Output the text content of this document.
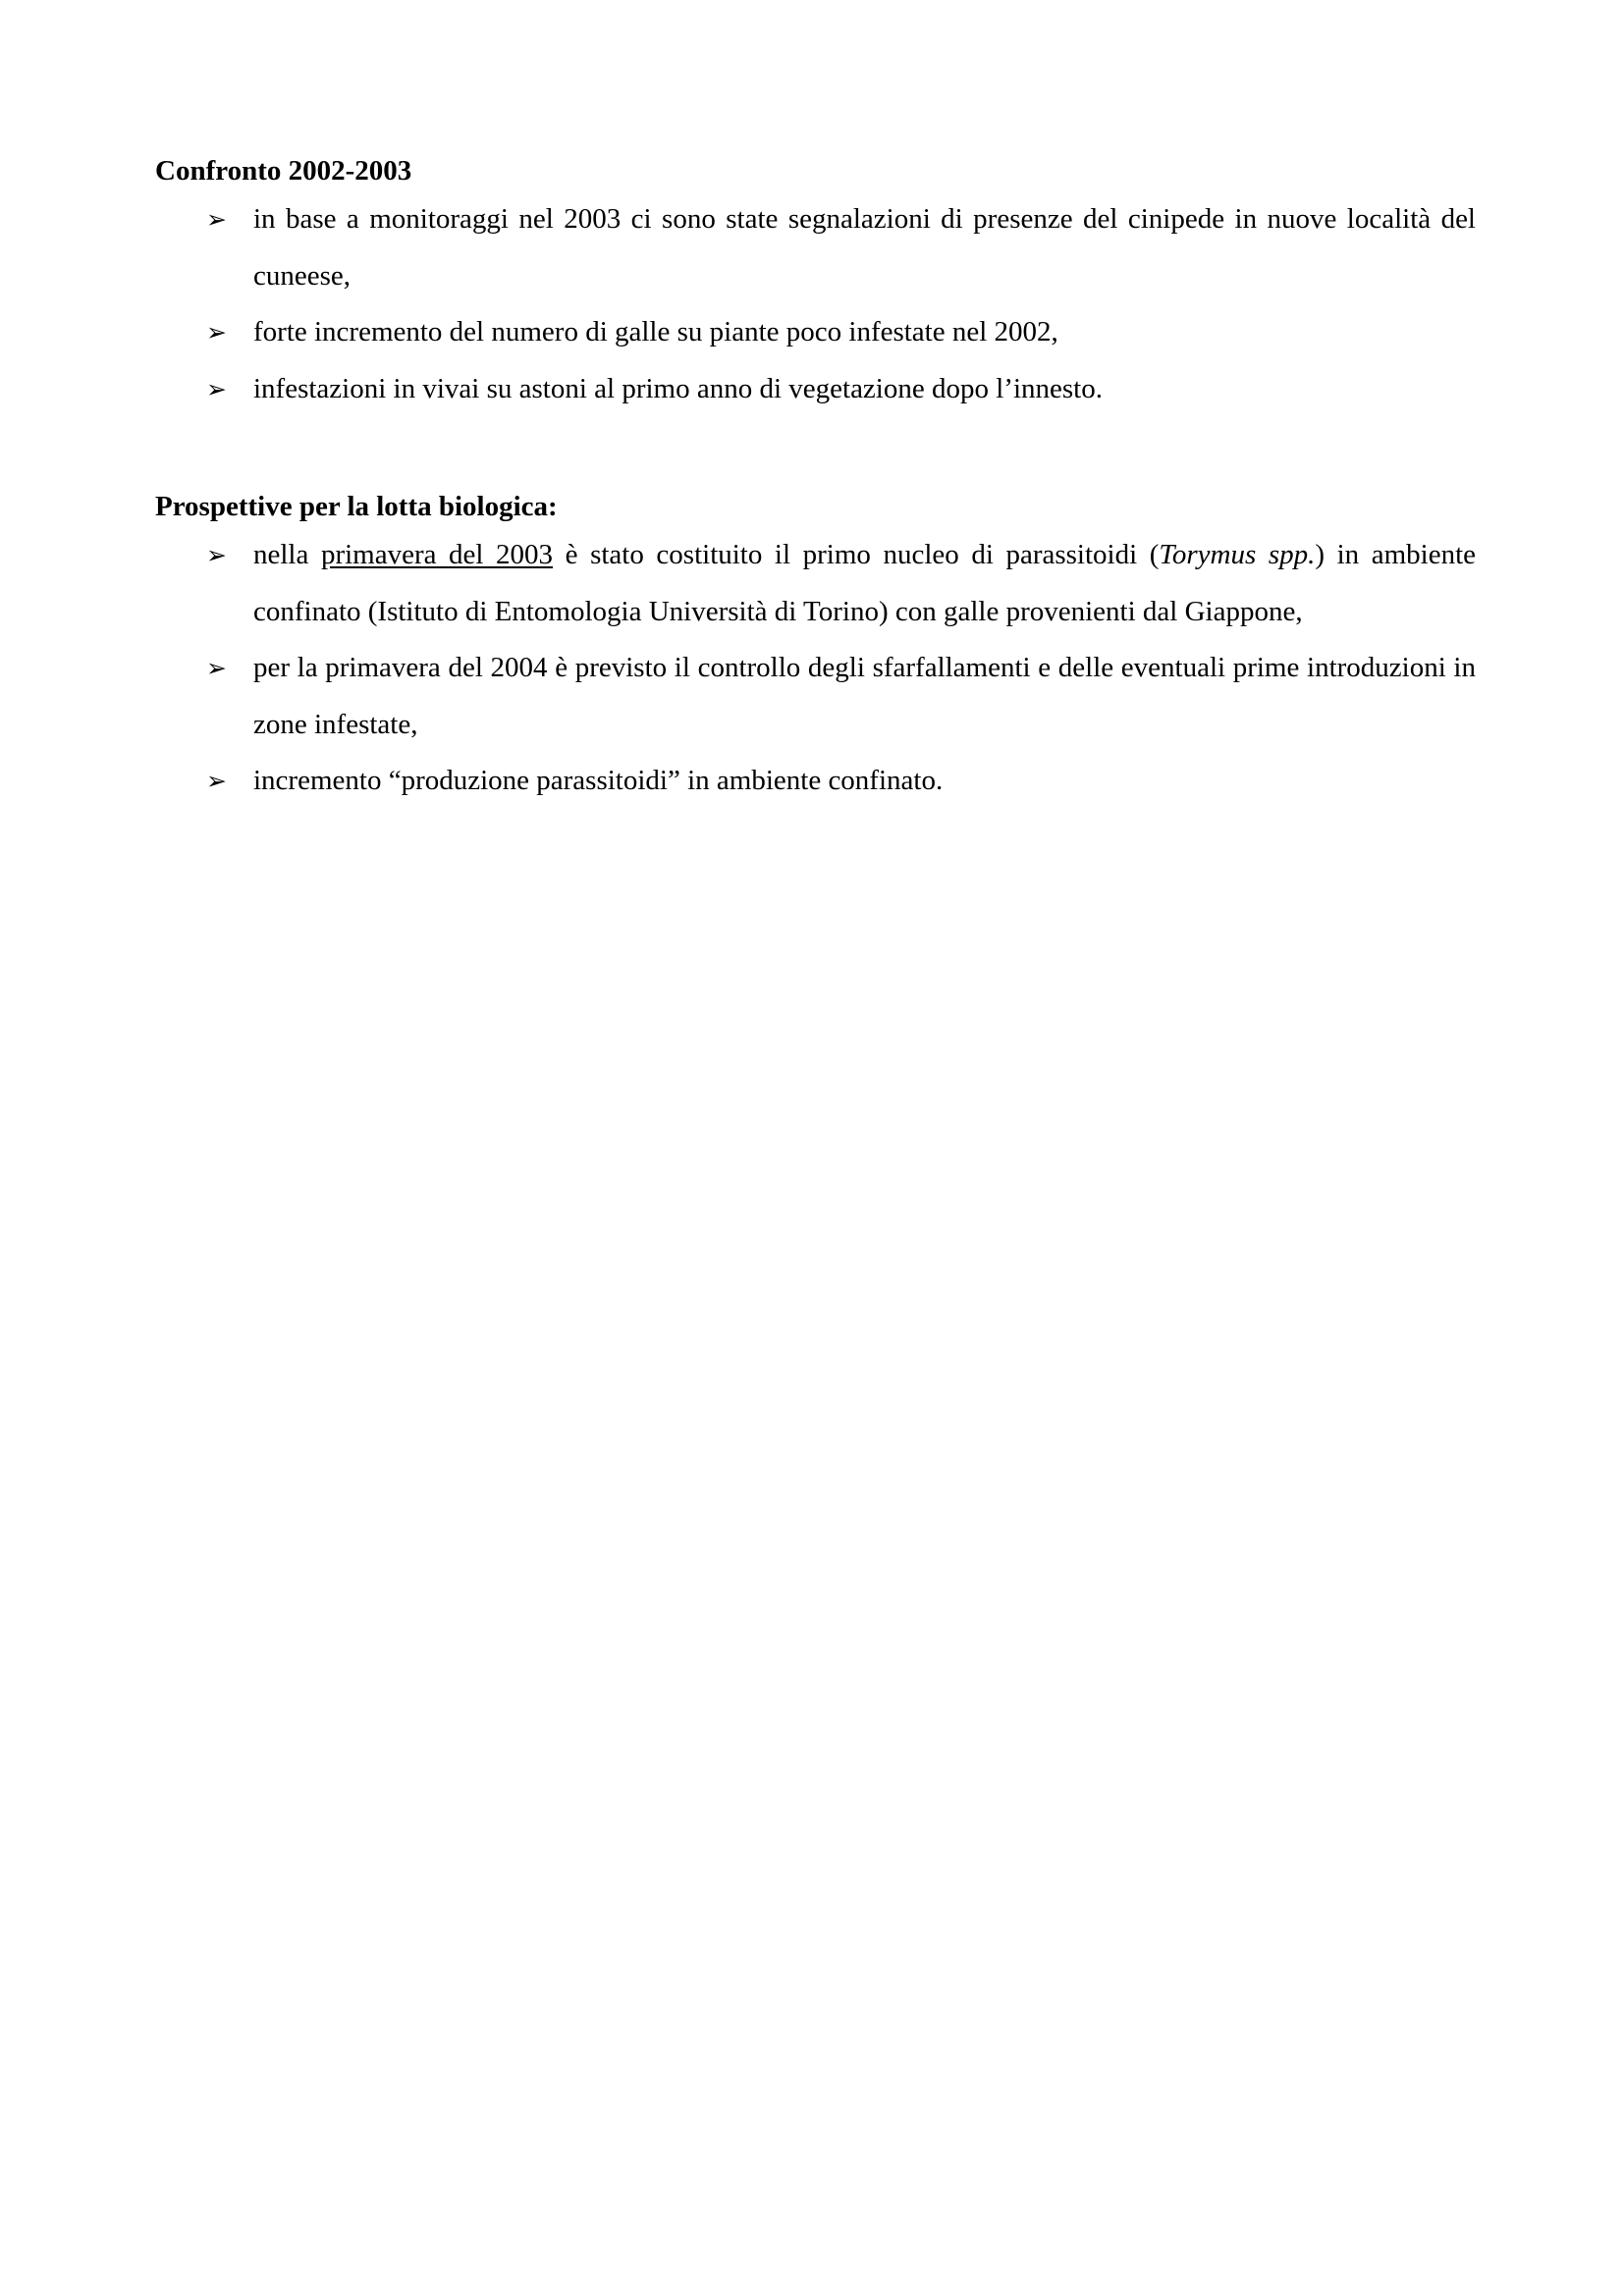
Confronto 2002-2003
➢ in base a monitoraggi nel 2003 ci sono state segnalazioni di presenze del cinipede in nuove località del cuneese,
➢ forte incremento del numero di galle su piante poco infestate nel 2002,
➢ infestazioni in vivai su astoni al primo anno di vegetazione dopo l’innesto.
Prospettive per la lotta biologica:
➢ nella primavera del 2003 è stato costituito il primo nucleo di parassitoidi (Torymus spp.) in ambiente confinato (Istituto di Entomologia Università di Torino) con galle provenienti dal Giappone,
➢ per la primavera del 2004 è previsto il controllo degli sfarfallamenti e delle eventuali prime introduzioni in zone infestate,
➢ incremento “produzione parassitoidi” in ambiente confinato.
